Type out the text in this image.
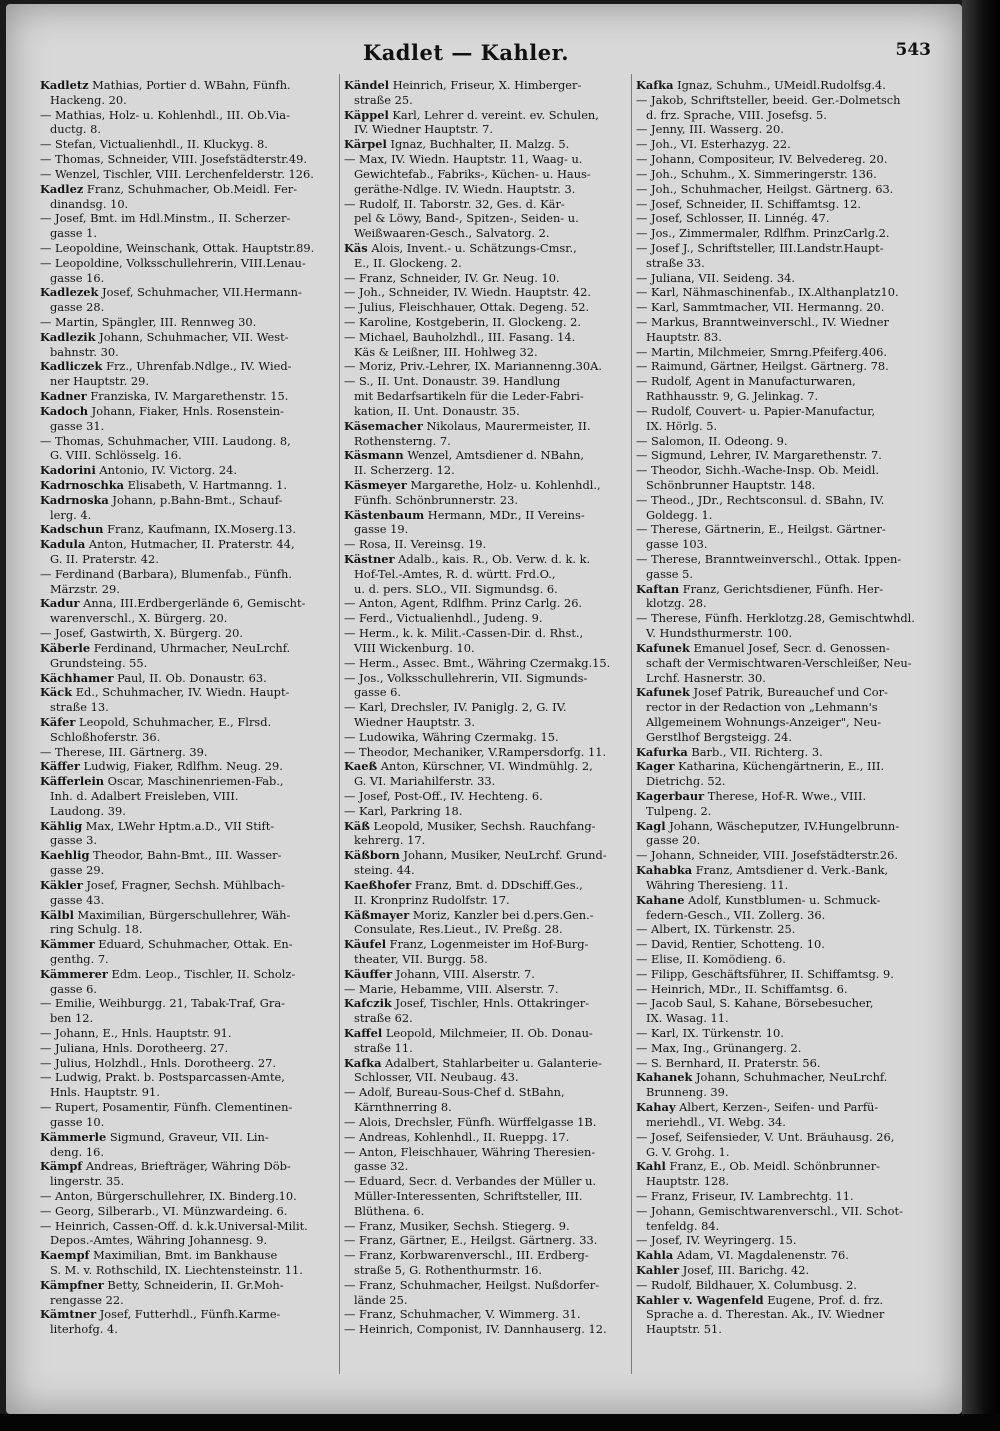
Kadlet — Kahler.	543
Kadletz Mathias, Portier d. WBahn, Fünfh.
Hackeng. 20.
— Mathias, Holz- u. Kohlenhdl., III. Ob.Via-
ductg. 8.
— Stefan, Victualienhdl., II. Kluckyg. 8.
— Thomas, Schneider, VIII. Josefstädterstr.49.
— Wenzel, Tischler, VIII. Lerchenfelderstr. 126.
Kadlez Franz, Schuhmacher, Ob.Meidl. Fer-
dinandsg. 10.
— Josef, Bmt. im Hdl.Minstm., II. Scherzer-
gasse 1.
— Leopoldine, Weinschank, Ottak. Hauptstr.89.
— Leopoldine, Volksschullehrerin, VIII.Lenau-
gasse 16.
Kadlezek Josef, Schuhmacher, VII.Hermann-
gasse 28.
— Martin, Spängler, III. Rennweg 30.
Kadlezik Johann, Schuhmacher, VII. West-
bahnstr. 30.
Kadliczek Frz., Uhrenfab.Ndlge., IV. Wied-
ner Hauptstr. 29.
Kadner Franziska, IV. Margarethenstr. 15.
Kadoch Johann, Fiaker, Hnls. Rosenstein-
gasse 31.
— Thomas, Schuhmacher, VIII. Laudong. 8,
G. VIII. Schlösselg. 16.
Kadorini Antonio, IV. Victorg. 24.
Kadrnoschka Elisabeth, V. Hartmanng. 1.
Kadrnoska Johann, p.Bahn-Bmt., Schauf-
lerg. 4.
Kadschun Franz, Kaufmann, IX.Moserg.13.
Kadula Anton, Hutmacher, II. Praterstr. 44,
G. II. Praterstr. 42.
— Ferdinand (Barbara), Blumenfab., Fünfh.
Märzstr. 29.
Kadur Anna, III.Erdbergerlände 6, Gemischt-
warenverschl., X. Bürgerg. 20.
— Josef, Gastwirth, X. Bürgerg. 20.
Käberle Ferdinand, Uhrmacher, NeuLrchf.
Grundsteing. 55.
Kächhamer Paul, II. Ob. Donaustr. 63.
Käck Ed., Schuhmacher, IV. Wiedn. Haupt-
straße 13.
Käfer Leopold, Schuhmacher, E., Flrsd.
Schloßhoferstr. 36.
— Therese, III. Gärtnerg. 39.
Käffer Ludwig, Fiaker, Rdlfhm. Neug. 29.
Käfferlein Oscar, Maschinenriemen-Fab.,
Inh. d. Adalbert Freisleben, VIII.
Laudong. 39.
Kählig Max, LWehr Hptm.a.D., VII Stift-
gasse 3.
Kaehlig Theodor, Bahn-Bmt., III. Wasser-
gasse 29.
Käkler Josef, Fragner, Sechsh. Mühlbach-
gasse 43.
Kälbl Maximilian, Bürgerschullehrer, Wäh-
ring Schulg. 18.
Kämmer Eduard, Schuhmacher, Ottak. En-
genthg. 7.
Kämmerer Edm. Leop., Tischler, II. Scholz-
gasse 6.
— Emilie, Weihburgg. 21, Tabak-Traf, Gra-
ben 12.
— Johann, E., Hnls. Hauptstr. 91.
— Juliana, Hnls. Dorotheerg. 27.
— Julius, Holzhdl., Hnls. Dorotheerg. 27.
— Ludwig, Prakt. b. Postsparcassen-Amte,
Hnls. Hauptstr. 91.
— Rupert, Posamentir, Fünfh. Clementinen-
gasse 10.
Kämmerle Sigmund, Graveur, VII. Lin-
deng. 16.
Kämpf Andreas, Briefträger, Währing Döb-
lingerstr. 35.
— Anton, Bürgerschullehrer, IX. Binderg.10.
— Georg, Silberarb., VI. Münzwardeing. 6.
— Heinrich, Cassen-Off. d. k.k.Universal-Milit.
Depos.-Amtes, Währing Johannesg. 9.
Kaempf Maximilian, Bmt. im Bankhause
S. M. v. Rothschild, IX. Liechtensteinstr. 11.
Kämpfner Betty, Schneiderin, II. Gr.Moh-
rengasse 22.
Kämtner Josef, Futterhdl., Fünfh.Karme-
literhofg. 4.
Kändel Heinrich, Friseur, X. Himberger-
straße 25.
Käppel Karl, Lehrer d. vereint. ev. Schulen,
IV. Wiedner Hauptstr. 7.
Kärpel Ignaz, Buchhalter, II. Malzg. 5.
— Max, IV. Wiedn. Hauptstr. 11, Waag- u.
Gewichtefab., Fabriks-, Küchen- u. Haus-
geräthe-Ndlge. IV. Wiedn. Hauptstr. 3.
— Rudolf, II. Taborstr. 32, Ges. d. Kär-
pel & Löwy, Band-, Spitzen-, Seiden- u.
Weißwaaren-Gesch., Salvatorg. 2.
Käs Alois, Invent.- u. Schätzungs-Cmsr.,
E., II. Glockeng. 2.
— Franz, Schneider, IV. Gr. Neug. 10.
— Joh., Schneider, IV. Wiedn. Hauptstr. 42.
— Julius, Fleischhauer, Ottak. Degeng. 52.
— Karoline, Kostgeberin, II. Glockeng. 2.
— Michael, Bauholzhdl., III. Fasang. 14.
Käs & Leißner, III. Hohlweg 32.
— Moriz, Priv.-Lehrer, IX. Mariannenng.30A.
— S., II. Unt. Donaustr. 39. Handlung
mit Bedarfsartikeln für die Leder-Fabri-
kation, II. Unt. Donaustr. 35.
Käsemacher Nikolaus, Maurermeister, II.
Rothensterng. 7.
Käsmann Wenzel, Amtsdiener d. NBahn,
II. Scherzerg. 12.
Käsmeyer Margarethe, Holz- u. Kohlenhdl.,
Fünfh. Schönbrunnerstr. 23.
Kästenbaum Hermann, MDr., II Vereins-
gasse 19.
— Rosa, II. Vereinsg. 19.
Kästner Adalb., kais. R., Ob. Verw. d. k. k.
Hof-Tel.-Amtes, R. d. württ. Frd.O.,
u. d. pers. SLO., VII. Sigmundsg. 6.
— Anton, Agent, Rdlfhm. Prinz Carlg. 26.
— Ferd., Victualienhdl., Judeng. 9.
— Herm., k. k. Milit.-Cassen-Dir. d. Rhst.,
VIII Wickenburg. 10.
— Herm., Assec. Bmt., Währing Czermakg.15.
— Jos., Volksschullehrerin, VII. Sigmunds-
gasse 6.
— Karl, Drechsler, IV. Paniglg. 2, G. IV.
Wiedner Hauptstr. 3.
— Ludowika, Währing Czermakg. 15.
— Theodor, Mechaniker, V.Rampersdorfg. 11.
Kaeß Anton, Kürschner, VI. Windmühlg. 2,
G. VI. Mariahilferstr. 33.
— Josef, Post-Off., IV. Hechteng. 6.
— Karl, Parkring 18.
Käß Leopold, Musiker, Sechsh. Rauchfang-
kehrerg. 17.
Käßborn Johann, Musiker, NeuLrchf. Grund-
steing. 44.
Kaeßhofer Franz, Bmt. d. DDschiff.Ges.,
II. Kronprinz Rudolfstr. 17.
Käßmayer Moriz, Kanzler bei d.pers.Gen.-
Consulate, Res.Lieut., IV. Preßg. 28.
Käufel Franz, Logenmeister im Hof-Burg-
theater, VII. Burgg. 58.
Käuffer Johann, VIII. Alserstr. 7.
— Marie, Hebamme, VIII. Alserstr. 7.
Kafczik Josef, Tischler, Hnls. Ottakringer-
straße 62.
Kaffel Leopold, Milchmeier, II. Ob. Donau-
straße 11.
Kafka Adalbert, Stahlarbeiter u. Galanterie-
Schlosser, VII. Neubaug. 43.
— Adolf, Bureau-Sous-Chef d. StBahn,
Kärnthnerring 8.
— Alois, Drechsler, Fünfh. Würffelgasse 1B.
— Andreas, Kohlenhdl., II. Rueppg. 17.
— Anton, Fleischhauer, Währing Theresien-
gasse 32.
— Eduard, Secr. d. Verbandes der Müller u.
Müller-Interessenten, Schriftsteller, III.
Blüthena. 6.
— Franz, Musiker, Sechsh. Stiegerg. 9.
— Franz, Gärtner, E., Heilgst. Gärtnerg. 33.
— Franz, Korbwarenverschl., III. Erdberg-
straße 5, G. Rothenthurmstr. 16.
— Franz, Schuhmacher, Heilgst. Nußdorfer-
lände 25.
— Franz, Schuhmacher, V. Wimmerg. 31.
— Heinrich, Componist, IV. Dannhauserg. 12.
Kafka Ignaz, Schuhm., UMeidl.Rudolfsg.4.
— Jakob, Schriftsteller, beeid. Ger.-Dolmetsch
d. frz. Sprache, VIII. Josefsg. 5.
— Jenny, III. Wasserg. 20.
— Joh., VI. Esterhazyg. 22.
— Johann, Compositeur, IV. Belvedereg. 20.
— Joh., Schuhm., X. Simmeringerstr. 136.
— Joh., Schuhmacher, Heilgst. Gärtnerg. 63.
— Josef, Schneider, II. Schiffamtsg. 12.
— Josef, Schlosser, II. Linnég. 47.
— Jos., Zimmermaler, Rdlfhm. PrinzCarlg.2.
— Josef J., Schriftsteller, III.Landstr.Haupt-
straße 33.
— Juliana, VII. Seideng. 34.
— Karl, Nähmaschinenfab., IX.Althanplatz10.
— Karl, Sammtmacher, VII. Hermanng. 20.
— Markus, Branntweinverschl., IV. Wiedner
Hauptstr. 83.
— Martin, Milchmeier, Smrng.Pfeiferg.406.
— Raimund, Gärtner, Heilgst. Gärtnerg. 78.
— Rudolf, Agent in Manufacturwaren,
Rathhausstr. 9, G. Jelinkag. 7.
— Rudolf, Couvert- u. Papier-Manufactur,
IX. Hörlg. 5.
— Salomon, II. Odeong. 9.
— Sigmund, Lehrer, IV. Margarethenstr. 7.
— Theodor, Sichh.-Wache-Insp. Ob. Meidl.
Schönbrunner Hauptstr. 148.
— Theod., JDr., Rechtsconsul. d. SBahn, IV.
Goldegg. 1.
— Therese, Gärtnerin, E., Heilgst. Gärtner-
gasse 103.
— Therese, Branntweinverschl., Ottak. Ippen-
gasse 5.
Kaftan Franz, Gerichtsdiener, Fünfh. Her-
klotzg. 28.
— Therese, Fünfh. Herklotzg.28, Gemischtwhdl.
V. Hundsthurmerstr. 100.
Kafunek Emanuel Josef, Secr. d. Genossen-
schaft der Vermischtwaren-Verschleißer, Neu-
Lrchf. Hasnerstr. 30.
Kafunek Josef Patrik, Bureauchef und Cor-
rector in der Redaction von „Lehmann's
Allgemeinem Wohnungs-Anzeiger", Neu-
Gerstlhof Bergsteigg. 24.
Kafurka Barb., VII. Richterg. 3.
Kager Katharina, Küchengärtnerin, E., III.
Dietrichg. 52.
Kagerbaur Therese, Hof-R. Wwe., VIII.
Tulpeng. 2.
Kagl Johann, Wäscheputzer, IV.Hungelbrunn-
gasse 20.
— Johann, Schneider, VIII. Josefstädterstr.26.
Kahabka Franz, Amtsdiener d. Verk.-Bank,
Währing Theresieng. 11.
Kahane Adolf, Kunstblumen- u. Schmuck-
federn-Gesch., VII. Zollerg. 36.
— Albert, IX. Türkenstr. 25.
— David, Rentier, Schotteng. 10.
— Elise, II. Komödieng. 6.
— Filipp, Geschäftsführer, II. Schiffamtsg. 9.
— Heinrich, MDr., II. Schiffamtsg. 6.
— Jacob Saul, S. Kahane, Börsebesucher,
IX. Wasag. 11.
— Karl, IX. Türkenstr. 10.
— Max, Ing., Grünangerg. 2.
— S. Bernhard, II. Praterstr. 56.
Kahanek Johann, Schuhmacher, NeuLrchf.
Brunneng. 39.
Kahay Albert, Kerzen-, Seifen- und Parfü-
meriehdl., VI. Webg. 34.
— Josef, Seifensieder, V. Unt. Bräuhausg. 26,
G. V. Grohg. 1.
Kahl Franz, E., Ob. Meidl. Schönbrunner-
Hauptstr. 128.
— Franz, Friseur, IV. Lambrechtg. 11.
— Johann, Gemischtwarenverschl., VII. Schot-
tenfeldg. 84.
— Josef, IV. Weyringerg. 15.
Kahla Adam, VI. Magdalenenstr. 76.
Kahler Josef, III. Barichg. 42.
— Rudolf, Bildhauer, X. Columbusg. 2.
Kahler v. Wagenfeld Eugene, Prof. d. frz.
Sprache a. d. Therestan. Ak., IV. Wiedner
Hauptstr. 51.
